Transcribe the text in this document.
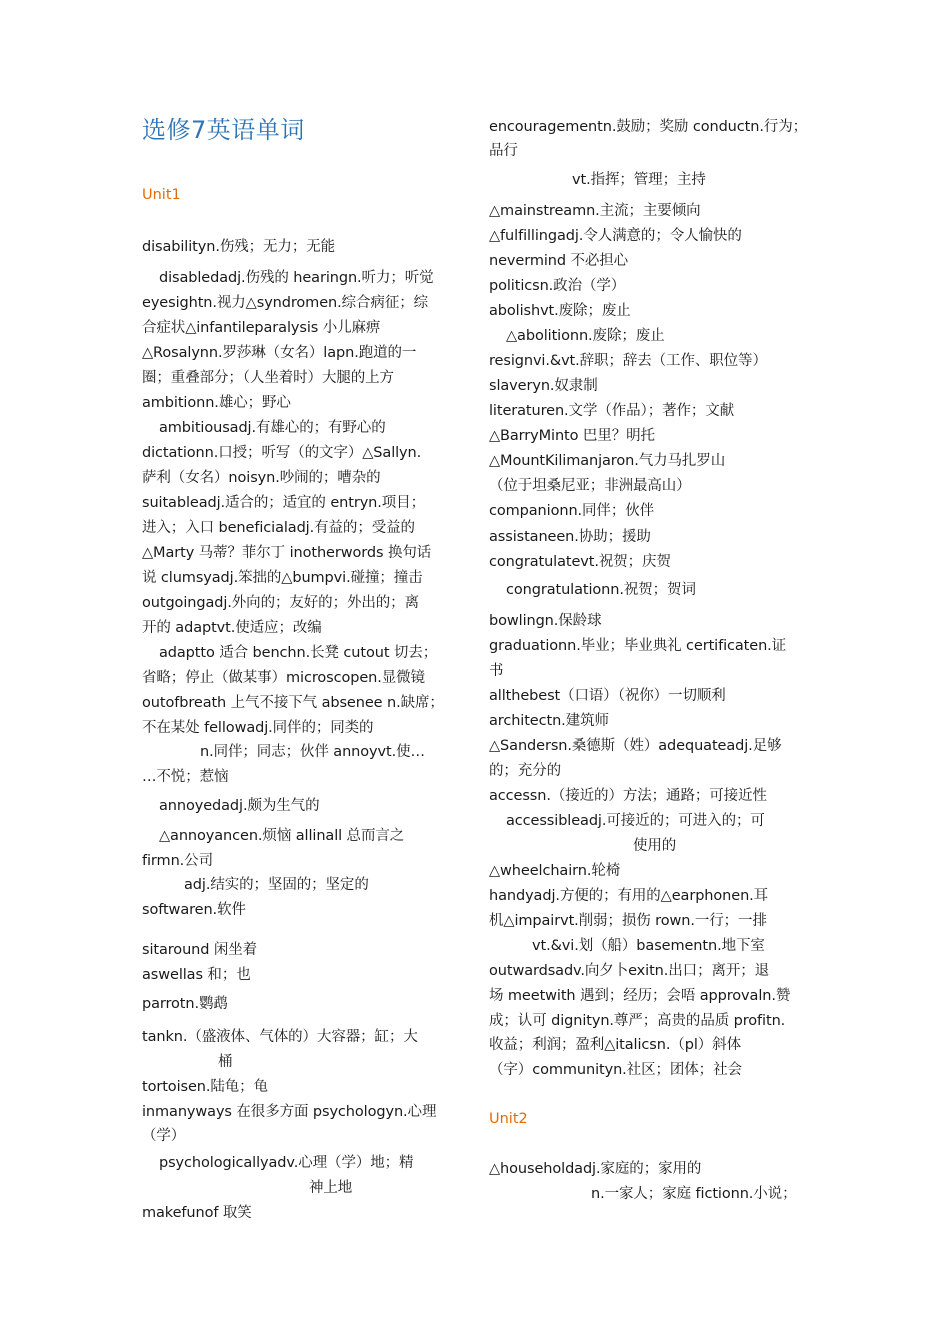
选修7英语单词
Unit1
disabilityn.伤残；无力；无能
disabledadj.伤残的 hearingn.听力；听觉
eyesightn.视力△syndromen.综合病征；综
合症状△infantileparalysis 小儿麻痹
△Rosalynn.罗莎琳（女名）lapn.跑道的一
圈；重叠部分；（人坐着时）大腿的上方
ambitionn.雄心；野心
ambitiousadj.有雄心的；有野心的
dictationn.口授；听写（的文字）△Sallyn.
萨利（女名）noisyn.吵闹的；嘈杂的
suitableadj.适合的；适宜的 entryn.项目；
进入；入口 beneficialadj.有益的；受益的
△Marty 马蒂？菲尔丁 inotherwords 换句话
说 clumsyadj.笨拙的△bumpvi.碰撞；撞击
outgoingadj.外向的；友好的；外出的；离
开的 adaptvt.使适应；改编
adaptto 适合 benchn.长凳 cutout 切去；
省略；停止（做某事）microscopen.显微镜
outofbreath 上气不接下气 absenee n.缺席；
不在某处 fellowadj.同伴的；同类的
n.同伴；同志；伙伴 annoyvt.使…
…不悦；惹恼
annoyedadj.颇为生气的
△annoyancen.烦恼 allinall 总而言之
firmn.公司
adj.结实的；坚固的；坚定的
softwaren.软件
sitaround 闲坐着
aswellas 和；也
parrotn.鹦鹉
tankn.（盛液体、气体的）大容器；缸；大
桶
tortoisen.陆龟；龟
inmanyways 在很多方面 psychologyn.心理
（学）
psychologicallyadv.心理（学）地；精
神上地
makefunof 取笑
encouragementn.鼓励；奖励 conductn.行为；
品行
vt.指挥；管理；主持
△mainstreamn.主流；主要倾向
△fulfillingadj.令人满意的；令人愉快的
nevermind 不必担心
politicsn.政治（学）
abolishvt.废除；废止
△abolitionn.废除；废止
resignvi.&vt.辞职；辞去（工作、职位等）
slaveryn.奴隶制
literaturen.文学（作品）；著作；文献
△BarryMinto 巴里？明托
△MountKilimanjaron.气力马扎罗山
（位于坦桑尼亚；非洲最高山）
companionn.同伴；伙伴
assistaneen.协助；援助
congratulatevt.祝贺；庆贺
congratulationn.祝贺；贺词
bowlingn.保龄球
graduationn.毕业；毕业典礼 certificaten.证
书
allthebest（口语）（祝你）一切顺利
architectn.建筑师
△Sandersn.桑德斯（姓）adequateadj.足够
的；充分的
accessn.（接近的）方法；通路；可接近性
accessibleadj.可接近的；可进入的；可
使用的
△wheelchairn.轮椅
handyadj.方便的；有用的△earphonen.耳
机△impairvt.削弱；损伤 rown.一行；一排
vt.&vi.划（船）basementn.地下室
outwardsadv.向夕卜exitn.出口；离开；退
场 meetwith 遇到；经历；会唔 approvaln.赞
成；认可 dignityn.尊严；高贵的品质 profitn.
收益；利润；盈利△italicsn.（pl）斜体
（字）communityn.社区；团体；社会
Unit2
△householdadj.家庭的；家用的
n.一家人；家庭 fictionn.小说；
